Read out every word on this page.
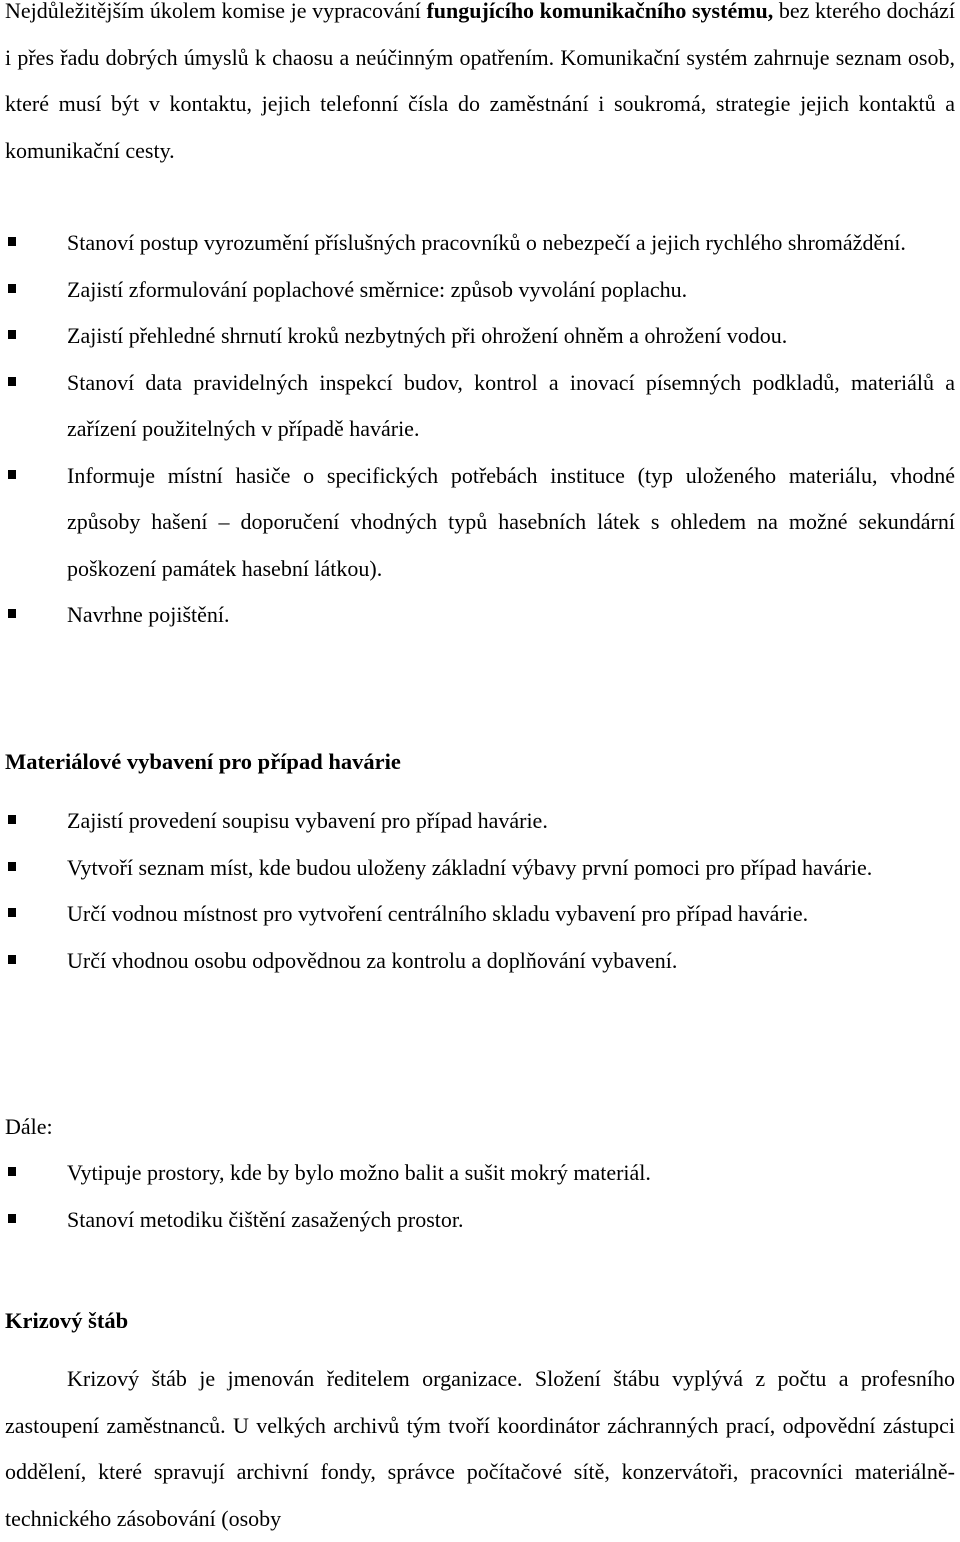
Nejdůležitějším úkolem komise je vypracování fungujícího komunikačního systému, bez kterého dochází i přes řadu dobrých úmyslů k chaosu a neúčinným opatřením. Komunikační systém zahrnuje seznam osob, které musí být v kontaktu, jejich telefonní čísla do zaměstnání i soukromá, strategie jejich kontaktů a komunikační cesty.

Stanoví postup vyrozumění příslušných pracovníků o nebezpečí a jejich rychlého shromáždění.
Zajistí zformulování poplachové směrnice: způsob vyvolání poplachu.
Zajistí přehledné shrnutí kroků nezbytných při ohrožení ohněm a ohrožení vodou.
Stanoví data pravidelných inspekcí budov, kontrol a inovací písemných podkladů, materiálů a zařízení použitelných v případě havárie.
Informuje místní hasiče o specifických potřebách instituce (typ uloženého materiálu, vhodné způsoby hašení – doporučení vhodných typů hasebních látek s ohledem na možné sekundární poškození památek hasební látkou).
Navrhne pojištění.
Materiálové vybavení pro případ havárie
Zajistí provedení soupisu vybavení pro případ havárie.
Vytvoří seznam míst, kde budou uloženy základní výbavy první pomoci pro případ havárie.
Určí vodnou místnost pro vytvoření centrálního skladu vybavení pro případ havárie.
Určí vhodnou osobu odpovědnou za kontrolu a doplňování vybavení.

Dále:

Vytipuje prostory, kde by bylo možno balit a sušit mokrý materiál.
Stanoví metodiku čištění zasažených prostor.
Krizový štáb

Krizový štáb je jmenován ředitelem organizace. Složení štábu vyplývá z počtu a profesního zastoupení zaměstnanců. U velkých archivů tým tvoří koordinátor záchranných prací, odpovědní zástupci oddělení, které spravují archivní fondy, správce počítačové sítě, konzervátoři, pracovníci materiálně-technického zásobování (osoby
